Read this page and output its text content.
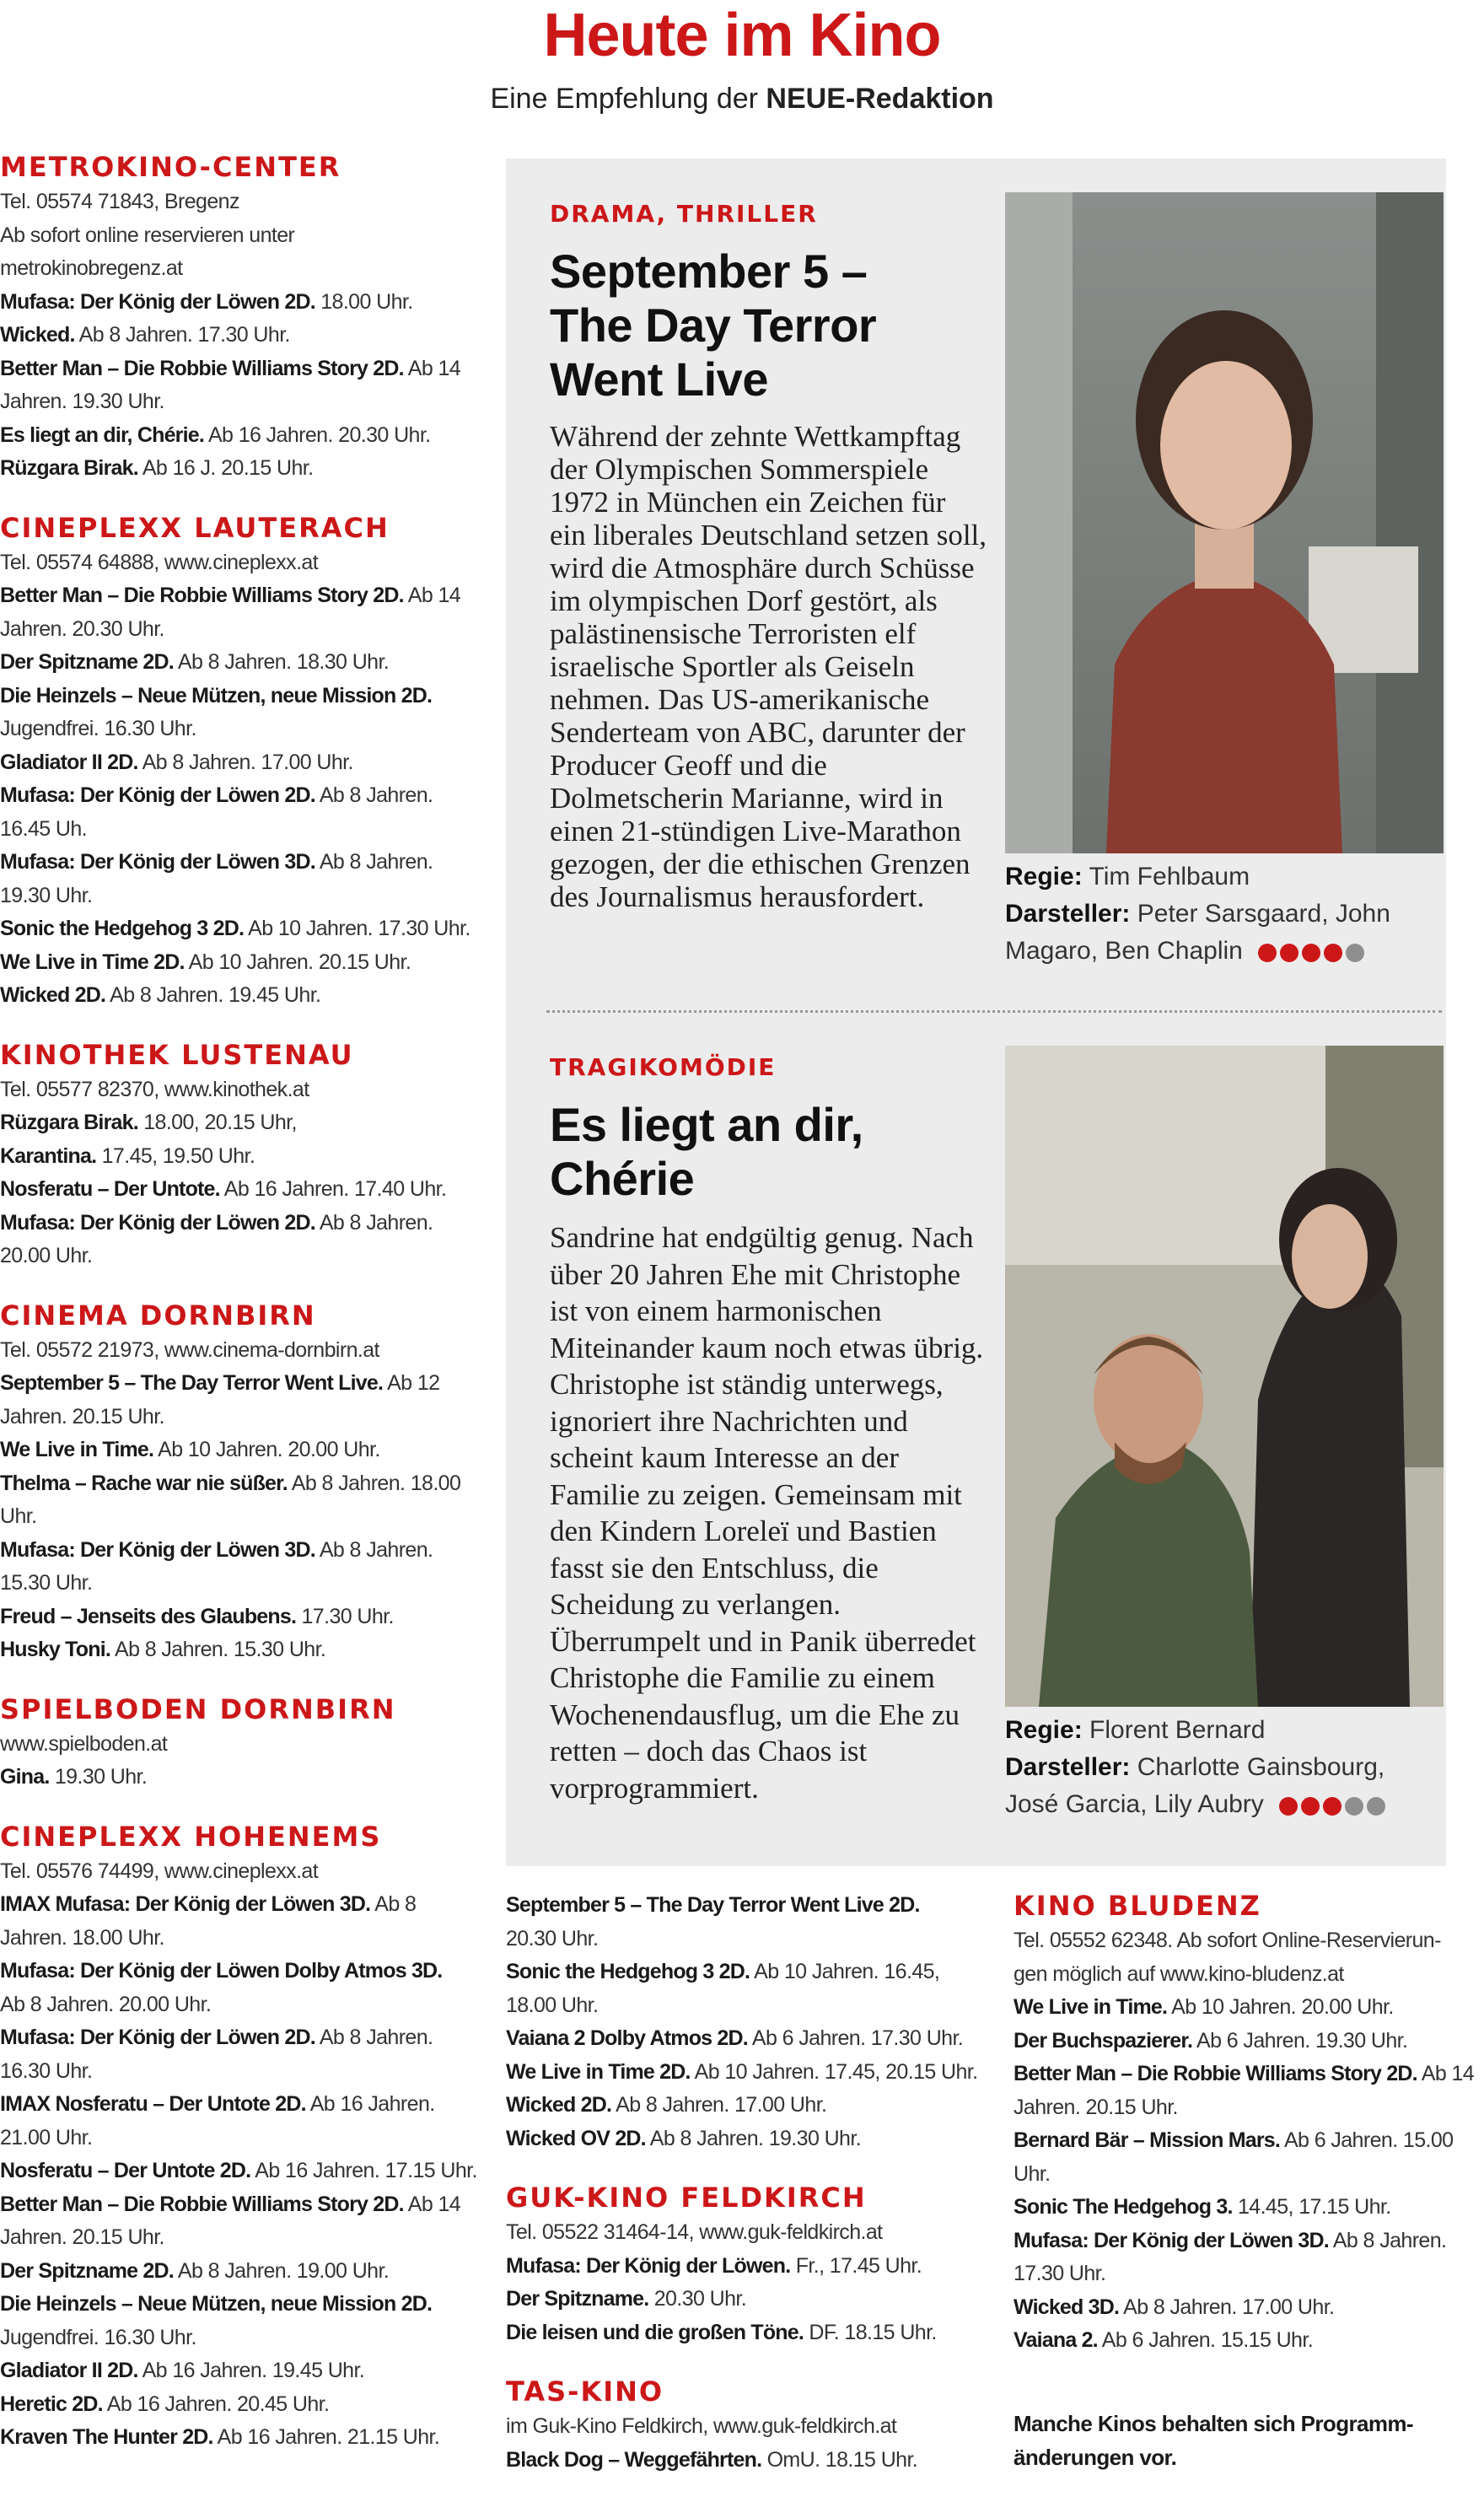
Heute im Kino
Eine Empfehlung der NEUE-Redaktion
METROKINO-CENTER
Tel. 05574 71843, Bregenz
Ab sofort online reservieren unter
metrokinobregenz.at
Mufasa: Der König der Löwen 2D. 18.00 Uhr.
Wicked. Ab 8 Jahren. 17.30 Uhr.
Better Man – Die Robbie Williams Story 2D. Ab 14
Jahren. 19.30 Uhr.
Es liegt an dir, Chérie. Ab 16 Jahren. 20.30 Uhr.
Rüzgara Birak. Ab 16 J. 20.15 Uhr.
CINEPLEXX LAUTERACH
Tel. 05574 64888, www.cineplexx.at
Better Man – Die Robbie Williams Story 2D. Ab 14
Jahren. 20.30 Uhr.
Der Spitzname 2D. Ab 8 Jahren. 18.30 Uhr.
Die Heinzels – Neue Mützen, neue Mission 2D.
Jugendfrei. 16.30 Uhr.
Gladiator II 2D. Ab 8 Jahren. 17.00 Uhr.
Mufasa: Der König der Löwen 2D. Ab 8 Jahren.
16.45 Uh.
Mufasa: Der König der Löwen 3D. Ab 8 Jahren.
19.30 Uhr.
Sonic the Hedgehog 3 2D. Ab 10 Jahren. 17.30 Uhr.
We Live in Time 2D. Ab 10 Jahren. 20.15 Uhr.
Wicked 2D. Ab 8 Jahren. 19.45 Uhr.
KINOTHEK LUSTENAU
Tel. 05577 82370, www.kinothek.at
Rüzgara Birak. 18.00, 20.15 Uhr,
Karantina. 17.45, 19.50 Uhr.
Nosferatu – Der Untote. Ab 16 Jahren. 17.40 Uhr.
Mufasa: Der König der Löwen 2D. Ab 8 Jahren.
20.00 Uhr.
CINEMA DORNBIRN
Tel. 05572 21973, www.cinema-dornbirn.at
September 5 – The Day Terror Went Live. Ab 12
Jahren. 20.15 Uhr.
We Live in Time. Ab 10 Jahren. 20.00 Uhr.
Thelma – Rache war nie süßer. Ab 8 Jahren. 18.00
Uhr.
Mufasa: Der König der Löwen 3D. Ab 8 Jahren.
15.30 Uhr.
Freud – Jenseits des Glaubens. 17.30 Uhr.
Husky Toni. Ab 8 Jahren. 15.30 Uhr.
SPIELBODEN DORNBIRN
www.spielboden.at
Gina. 19.30 Uhr.
CINEPLEXX HOHENEMS
Tel. 05576 74499, www.cineplexx.at
IMAX Mufasa: Der König der Löwen 3D. Ab 8
Jahren. 18.00 Uhr.
Mufasa: Der König der Löwen Dolby Atmos 3D.
Ab 8 Jahren. 20.00 Uhr.
Mufasa: Der König der Löwen 2D. Ab 8 Jahren.
16.30 Uhr.
IMAX Nosferatu – Der Untote 2D. Ab 16 Jahren.
21.00 Uhr.
Nosferatu – Der Untote 2D. Ab 16 Jahren. 17.15 Uhr.
Better Man – Die Robbie Williams Story 2D. Ab 14
Jahren. 20.15 Uhr.
Der Spitzname 2D. Ab 8 Jahren. 19.00 Uhr.
Die Heinzels – Neue Mützen, neue Mission 2D.
Jugendfrei. 16.30 Uhr.
Gladiator II 2D. Ab 16 Jahren. 19.45 Uhr.
Heretic 2D. Ab 16 Jahren. 20.45 Uhr.
Kraven The Hunter 2D. Ab 16 Jahren. 21.15 Uhr.
DRAMA, THRILLER
September 5 –
The Day Terror
Went Live
Während der zehnte Wettkampftag der Olympischen Sommerspiele 1972 in München ein Zeichen für ein liberales Deutschland setzen soll, wird die Atmosphäre durch Schüsse im olympischen Dorf gestört, als palästinensische Terroristen elf israelische Sportler als Geiseln nehmen. Das US-amerikanische Senderteam von ABC, darunter der Producer Geoff und die Dolmetscherin Marianne, wird in einen 21-stündigen Live-Marathon gezogen, der die ethischen Grenzen des Journalismus herausfordert.
Regie: Tim Fehlbaum
Darsteller: Peter Sarsgaard, John
Magaro, Ben Chaplin
TRAGIKOMÖDIE
Es liegt an dir,
Chérie
Sandrine hat endgültig genug. Nach über 20 Jahren Ehe mit Christophe ist von einem harmonischen Miteinander kaum noch etwas übrig. Christophe ist ständig unterwegs, ignoriert ihre Nachrichten und scheint kaum Interesse an der Familie zu zeigen. Gemeinsam mit den Kindern Loreleï und Bastien fasst sie den Entschluss, die Scheidung zu verlangen. Überrumpelt und in Panik überredet Christophe die Familie zu einem Wochenendausflug, um die Ehe zu retten – doch das Chaos ist vorprogrammiert.
Regie: Florent Bernard
Darsteller: Charlotte Gainsbourg,
José Garcia, Lily Aubry
September 5 – The Day Terror Went Live 2D.
20.30 Uhr.
Sonic the Hedgehog 3 2D. Ab 10 Jahren. 16.45,
18.00 Uhr.
Vaiana 2 Dolby Atmos 2D. Ab 6 Jahren. 17.30 Uhr.
We Live in Time 2D. Ab 10 Jahren. 17.45, 20.15 Uhr.
Wicked 2D. Ab 8 Jahren. 17.00 Uhr.
Wicked OV 2D. Ab 8 Jahren. 19.30 Uhr.
GUK-KINO FELDKIRCH
Tel. 05522 31464-14, www.guk-feldkirch.at
Mufasa: Der König der Löwen. Fr., 17.45 Uhr.
Der Spitzname. 20.30 Uhr.
Die leisen und die großen Töne. DF. 18.15 Uhr.
TAS-KINO
im Guk-Kino Feldkirch, www.guk-feldkirch.at
Black Dog – Weggefährten. OmU. 18.15 Uhr.
KINO BLUDENZ
Tel. 05552 62348. Ab sofort Online-Reservierun-
gen möglich auf www.kino-bludenz.at
We Live in Time. Ab 10 Jahren. 20.00 Uhr.
Der Buchspazierer. Ab 6 Jahren. 19.30 Uhr.
Better Man – Die Robbie Williams Story 2D. Ab 14
Jahren. 20.15 Uhr.
Bernard Bär – Mission Mars. Ab 6 Jahren. 15.00
Uhr.
Sonic The Hedgehog 3. 14.45, 17.15 Uhr.
Mufasa: Der König der Löwen 3D. Ab 8 Jahren.
17.30 Uhr.
Wicked 3D. Ab 8 Jahren. 17.00 Uhr.
Vaiana 2. Ab 6 Jahren. 15.15 Uhr.
Manche Kinos behalten sich Programm-
änderungen vor.
